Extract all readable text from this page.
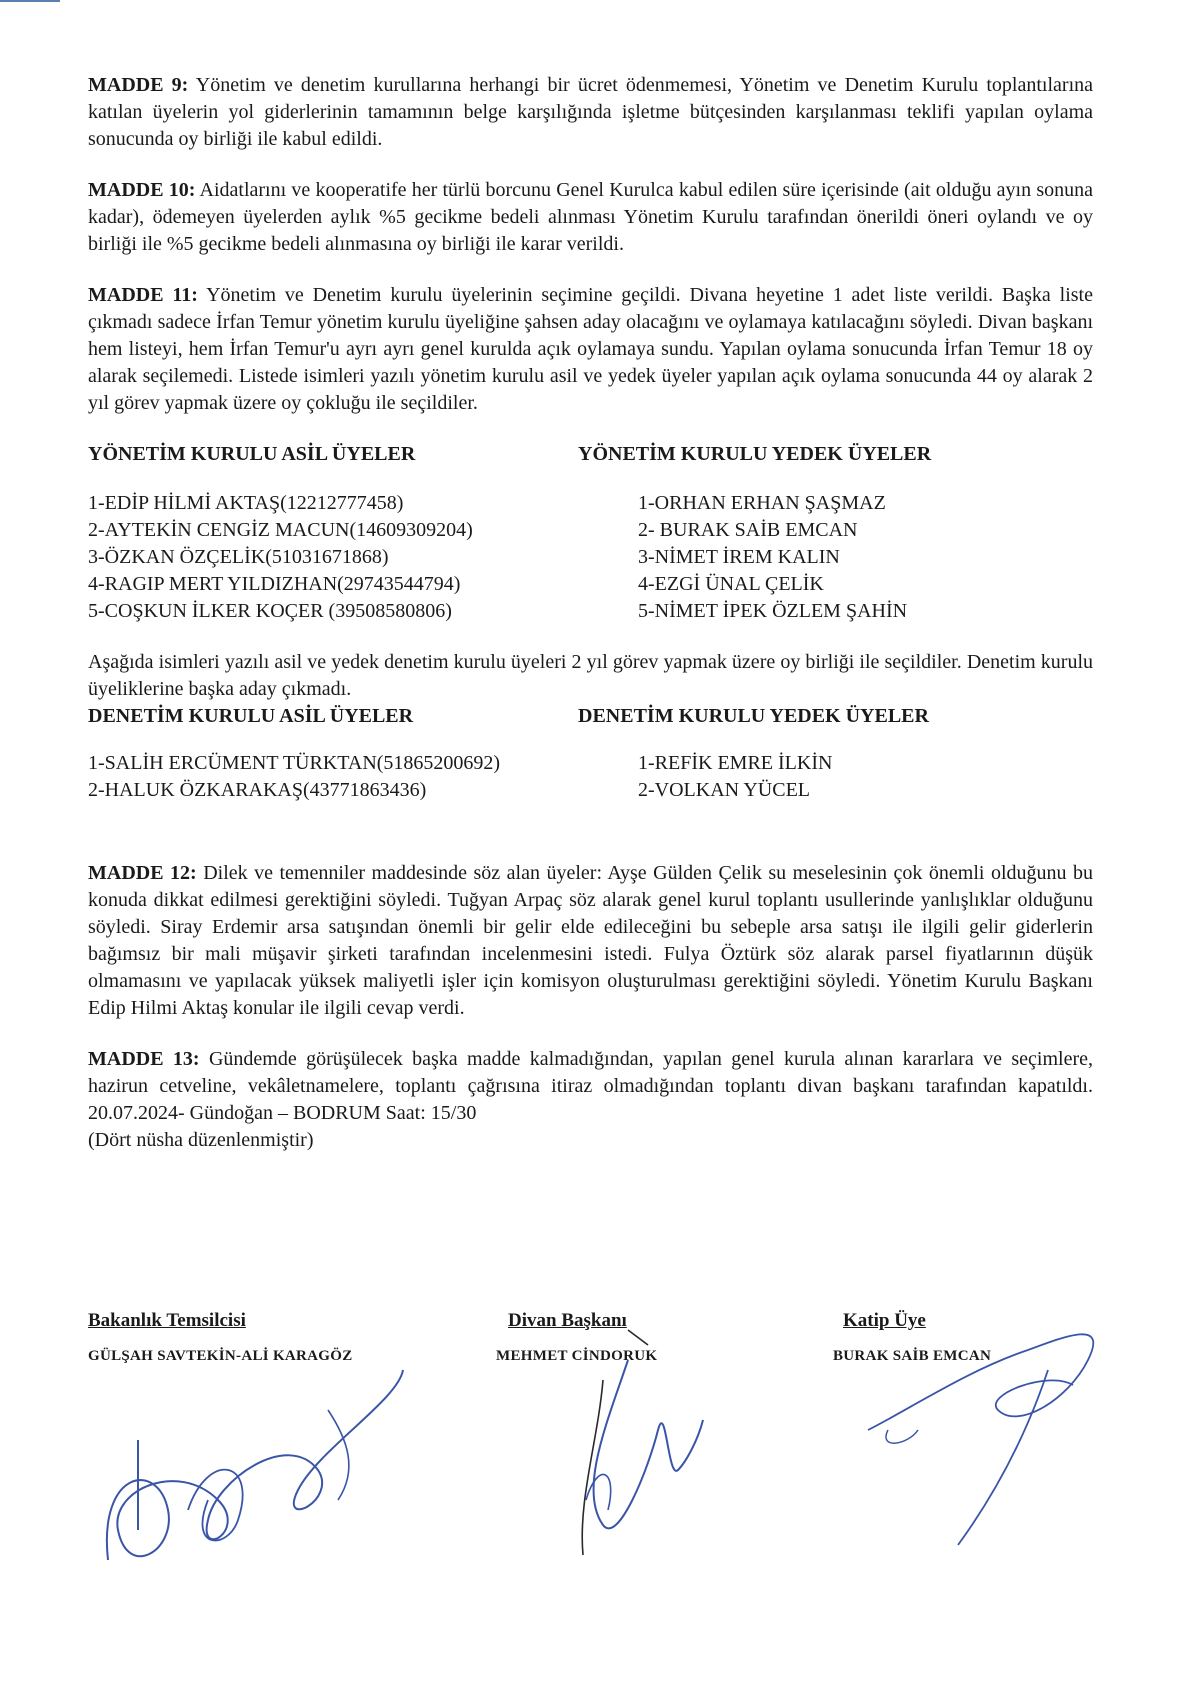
MADDE 9: Yönetim ve denetim kurullarına herhangi bir ücret ödenmemesi, Yönetim ve Denetim Kurulu toplantılarına katılan üyelerin yol giderlerinin tamamının belge karşılığında işletme bütçesinden karşılanması teklifi yapılan oylama sonucunda oy birliği ile kabul edildi.

MADDE 10: Aidatlarını ve kooperatife her türlü borcunu Genel Kurulca kabul edilen süre içerisinde (ait olduğu ayın sonuna kadar), ödemeyen üyelerden aylık %5 gecikme bedeli alınması Yönetim Kurulu tarafından önerildi öneri oylandı ve oy birliği ile %5 gecikme bedeli alınmasına oy birliği ile karar verildi.

MADDE 11: Yönetim ve Denetim kurulu üyelerinin seçimine geçildi. Divana heyetine 1 adet liste verildi. Başka liste çıkmadı sadece İrfan Temur yönetim kurulu üyeliğine şahsen aday olacağını ve oylamaya katılacağını söyledi. Divan başkanı hem listeyi, hem İrfan Temur'u ayrı ayrı genel kurulda açık oylamaya sundu. Yapılan oylama sonucunda İrfan Temur 18 oy alarak seçilemedi. Listede isimleri yazılı yönetim kurulu asil ve yedek üyeler yapılan açık oylama sonucunda 44 oy alarak 2 yıl görev yapmak üzere oy çokluğu ile seçildiler.

YÖNETİM KURULU ASİL ÜYELER

1-EDİP HİLMİ AKTAŞ(12212777458)

2-AYTEKİN CENGİZ MACUN(14609309204)

3-ÖZKAN ÖZÇELİK(51031671868)

4-RAGIP MERT YILDIZHAN(29743544794)

5-COŞKUN İLKER KOÇER (39508580806)

YÖNETİM KURULU YEDEK ÜYELER

1-ORHAN ERHAN ŞAŞMAZ

2- BURAK SAİB EMCAN

3-NİMET İREM KALIN

4-EZGİ ÜNAL ÇELİK

5-NİMET İPEK ÖZLEM ŞAHİN

Aşağıda isimleri yazılı asil ve yedek denetim kurulu üyeleri 2 yıl görev yapmak üzere oy birliği ile seçildiler. Denetim kurulu üyeliklerine başka aday çıkmadı.

DENETİM KURULU ASİL ÜYELER

1-SALİH ERCÜMENT TÜRKTAN(51865200692)

2-HALUK ÖZKARAKAŞ(43771863436)

DENETİM KURULU YEDEK ÜYELER

1-REFİK EMRE İLKİN

2-VOLKAN YÜCEL

MADDE 12: Dilek ve temenniler maddesinde söz alan üyeler: Ayşe Gülden Çelik su meselesinin çok önemli olduğunu bu konuda dikkat edilmesi gerektiğini söyledi. Tuğyan Arpaç söz alarak genel kurul toplantı usullerinde yanlışlıklar olduğunu söyledi. Siray Erdemir arsa satışından önemli bir gelir elde edileceğini bu sebeple arsa satışı ile ilgili gelir giderlerin bağımsız bir mali müşavir şirketi tarafından incelenmesini istedi. Fulya Öztürk söz alarak parsel fiyatlarının düşük olmamasını ve yapılacak yüksek maliyetli işler için komisyon oluşturulması gerektiğini söyledi. Yönetim Kurulu Başkanı Edip Hilmi Aktaş konular ile ilgili cevap verdi.

MADDE 13: Gündemde görüşülecek başka madde kalmadığından, yapılan genel kurula alınan kararlara ve seçimlere, hazirun cetveline, vekâletnamelere, toplantı çağrısına itiraz olmadığından toplantı divan başkanı tarafından kapatıldı. 20.07.2024- Gündoğan – BODRUM Saat: 15/30

(Dört nüsha düzenlenmiştir)

Bakanlık Temsilcisi
GÜLŞAH SAVTEKİN-ALİ KARAGÖZ
Divan Başkanı
MEHMET CİNDORUK
Katip Üye
BURAK SAİB EMCAN
